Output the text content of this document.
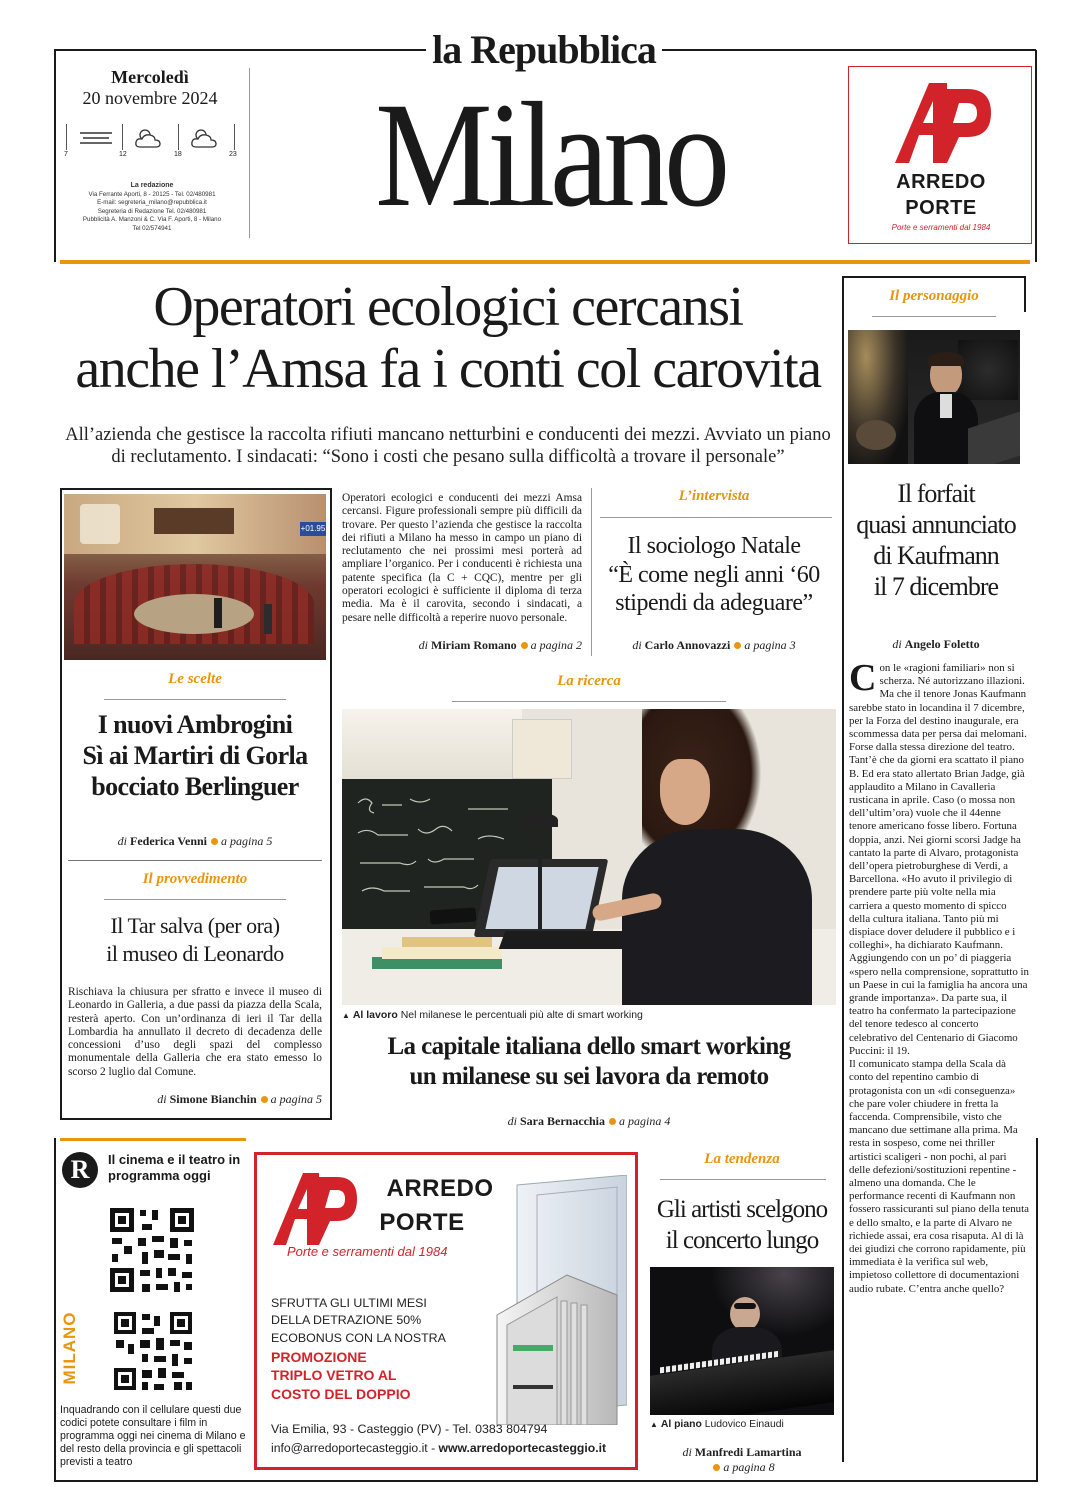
la Repubblica
Milano
Mercoledì
20 novembre 2024
7	12	18	23
La redazione
Via Ferrante Aporti, 8 - 20125 - Tel. 02/480981
E-mail: segreteria_milano@repubblica.it
Segreteria di Redazione Tel. 02/480981
Pubblicità A. Manzoni & C. Via F. Aporti, 8 - Milano
Tel 02/574941
ARREDO
PORTE
Porte e serramenti dal 1984
Operatori ecologici cercansi
anche l’Amsa fa i conti col carovita
All’azienda che gestisce la raccolta rifiuti mancano netturbini e conducenti dei mezzi. Avviato un piano di reclutamento. I sindacati: “Sono i costi che pesano sulla difficoltà a trovare il personale”
Operatori ecologici e conducenti dei mezzi Amsa cercansi. Figure professionali sempre più difficili da trovare. Per questo l’azienda che gestisce la raccolta dei rifiuti a Milano ha messo in campo un piano di reclutamento che nei prossimi mesi porterà ad ampliare l’organico. Per i conducenti è richiesta una patente specifica (la C + CQC), mentre per gli operatori ecologici è sufficiente il diploma di terza media. Ma è il carovita, secondo i sindacati, a pesare nelle difficoltà a reperire nuovo personale.
di Miriam Romano a pagina 2
L’intervista
Il sociologo Natale
“È come negli anni ‘60
stipendi da adeguare”
di Carlo Annovazzi a pagina 3
+01.95
Le scelte
I nuovi Ambrogini
Sì ai Martiri di Gorla
bocciato Berlinguer
di Federica Venni a pagina 5
Il provvedimento
Il Tar salva (per ora)
il museo di Leonardo
Rischiava la chiusura per sfratto e invece il museo di Leonardo in Galleria, a due passi da piazza della Scala, resterà aperto. Con un’ordinanza di ieri il Tar della Lombardia ha annullato il decreto di decadenza delle concessioni d’uso degli spazi del complesso monumentale della Galleria che era stato emesso lo scorso 2 luglio dal Comune.
di Simone Bianchin a pagina 5
La ricerca
▲ Al lavoro Nel milanese le percentuali più alte di smart working
La capitale italiana dello smart working
un milanese su sei lavora da remoto
di Sara Bernacchia a pagina 4
Il personaggio
Il forfait
quasi annunciato
di Kaufmann
il 7 dicembre
di Angelo Foletto
Con le «ragioni familiari» non si scherza. Né autorizzano illazioni. Ma che il tenore Jonas Kaufmann sarebbe stato in locandina il 7 dicembre, per la Forza del destino inaugurale, era scommessa data per persa dai melomani. Forse dalla stessa direzione del teatro. Tant’è che da giorni era scattato il piano B. Ed era stato allertato Brian Jadge, già applaudito a Milano in Cavalleria rusticana in aprile. Caso (o mossa non dell’ultim’ora) vuole che il 44enne tenore americano fosse libero. Fortuna doppia, anzi. Nei giorni scorsi Jadge ha cantato la parte di Alvaro, protagonista dell’opera pietroburghese di Verdi, a Barcellona. «Ho avuto il privilegio di prendere parte più volte nella mia carriera a questo momento di spicco della cultura italiana. Tanto più mi dispiace dover deludere il pubblico e i colleghi», ha dichiarato Kaufmann. Aggiungendo con un po’ di piaggeria «spero nella comprensione, soprattutto in un Paese in cui la famiglia ha ancora una grande importanza». Da parte sua, il teatro ha confermato la partecipazione del tenore tedesco al concerto celebrativo del Centenario di Giacomo Puccini: il 19.
Il comunicato stampa della Scala dà conto del repentino cambio di protagonista con un «di conseguenza» che pare voler chiudere in fretta la faccenda. Comprensibile, visto che mancano due settimane alla prima. Ma resta in sospeso, come nei thriller artistici scaligeri - non pochi, al pari delle defezioni/sostituzioni repentine - almeno una domanda. Che le performance recenti di Kaufmann non fossero rassicuranti sul piano della tenuta e dello smalto, e la parte di Alvaro ne richiede assai, era cosa risaputa. Al di là dei giudizi che corrono rapidamente, più immediata è la verifica sul web, impietoso collettore di documentazioni audio rubate. C’entra anche quello?
R	Il cinema e il teatro in programma oggi
MILANO
Inquadrando con il cellulare questi due codici potete consultare i film in programma oggi nei cinema di Milano e del resto della provincia e gli spettacoli previsti a teatro
ARREDO
PORTE
Porte e serramenti dal 1984
SFRUTTA GLI ULTIMI MESI
DELLA DETRAZIONE 50%
ECOBONUS CON LA NOSTRA
PROMOZIONE
TRIPLO VETRO AL
COSTO DEL DOPPIO
Via Emilia, 93 - Casteggio (PV) - Tel. 0383 804794
info@arredoportecasteggio.it - www.arredoportecasteggio.it
La tendenza
Gli artisti scelgono
il concerto lungo
▲ Al piano Ludovico Einaudi
di Manfredi Lamartina
a pagina 8
